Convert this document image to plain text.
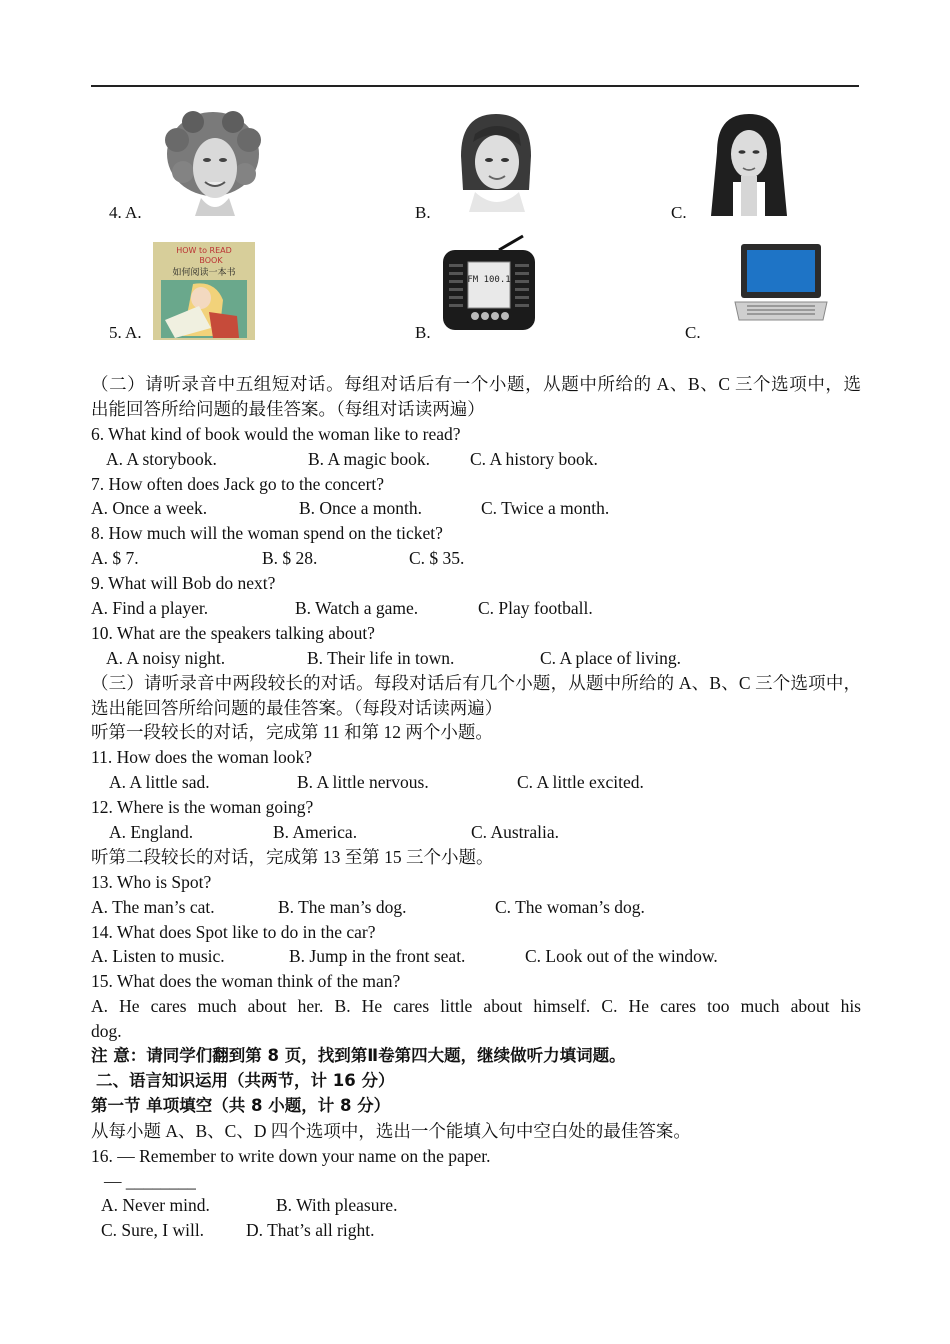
4. A.	B.	C.
5. A.
HOW to READ
BOOK
如何阅读一本书
B.
FM 100.1
C.
（二）请听录音中五组短对话。每组对话后有一个小题，从题中所给的 A、B、C 三个选项中，选
出能回答所给问题的最佳答案。（每组对话读两遍）
6. What kind of book would the woman like to read?
A. A storybook.	B. A magic book. C. A history book.
7. How often does Jack go to the concert?
A. Once a week.	B. Once a month.	C. Twice a month.
8. How much will the woman spend on the ticket?
A. $ 7.	B. $ 28.	C. $ 35.
9. What will Bob do next?
A. Find a player.	B. Watch a game.	C. Play football.
10. What are the speakers talking about?
A. A noisy night.	B. Their life in town.	C. A place of living.
（三）请听录音中两段较长的对话。每段对话后有几个小题，从题中所给的 A、B、C 三个选项中，
选出能回答所给问题的最佳答案。（每段对话读两遍）
听第一段较长的对话，完成第 11 和第 12 两个小题。
11. How does the woman look?
A. A little sad.	B. A little nervous.	C. A little excited.
12. Where is the woman going?
A. England.	B. America.	C. Australia.
听第二段较长的对话，完成第 13 至第 15 三个小题。
13. Who is Spot?
A. The man’s cat.	B. The man’s dog.	C. The woman’s dog.
14. What does Spot like to do in the car?
A. Listen to music.	B. Jump in the front seat.	C. Look out of the window.
15. What does the woman think of the man?
A. He cares much about her. B. He cares little about himself. C. He cares too much about his
dog.
注 意：请同学们翻到第 8 页，找到第Ⅱ卷第四大题，继续做听力填词题。
二、语言知识运用（共两节，计 16 分）
第一节 单项填空（共 8 小题，计 8 分）
从每小题 A、B、C、D 四个选项中，选出一个能填入句中空白处的最佳答案。
16. — Remember to write down your name on the paper.
— ________
A. Never mind.	B. With pleasure.
C. Sure, I will. D. That’s all right.
